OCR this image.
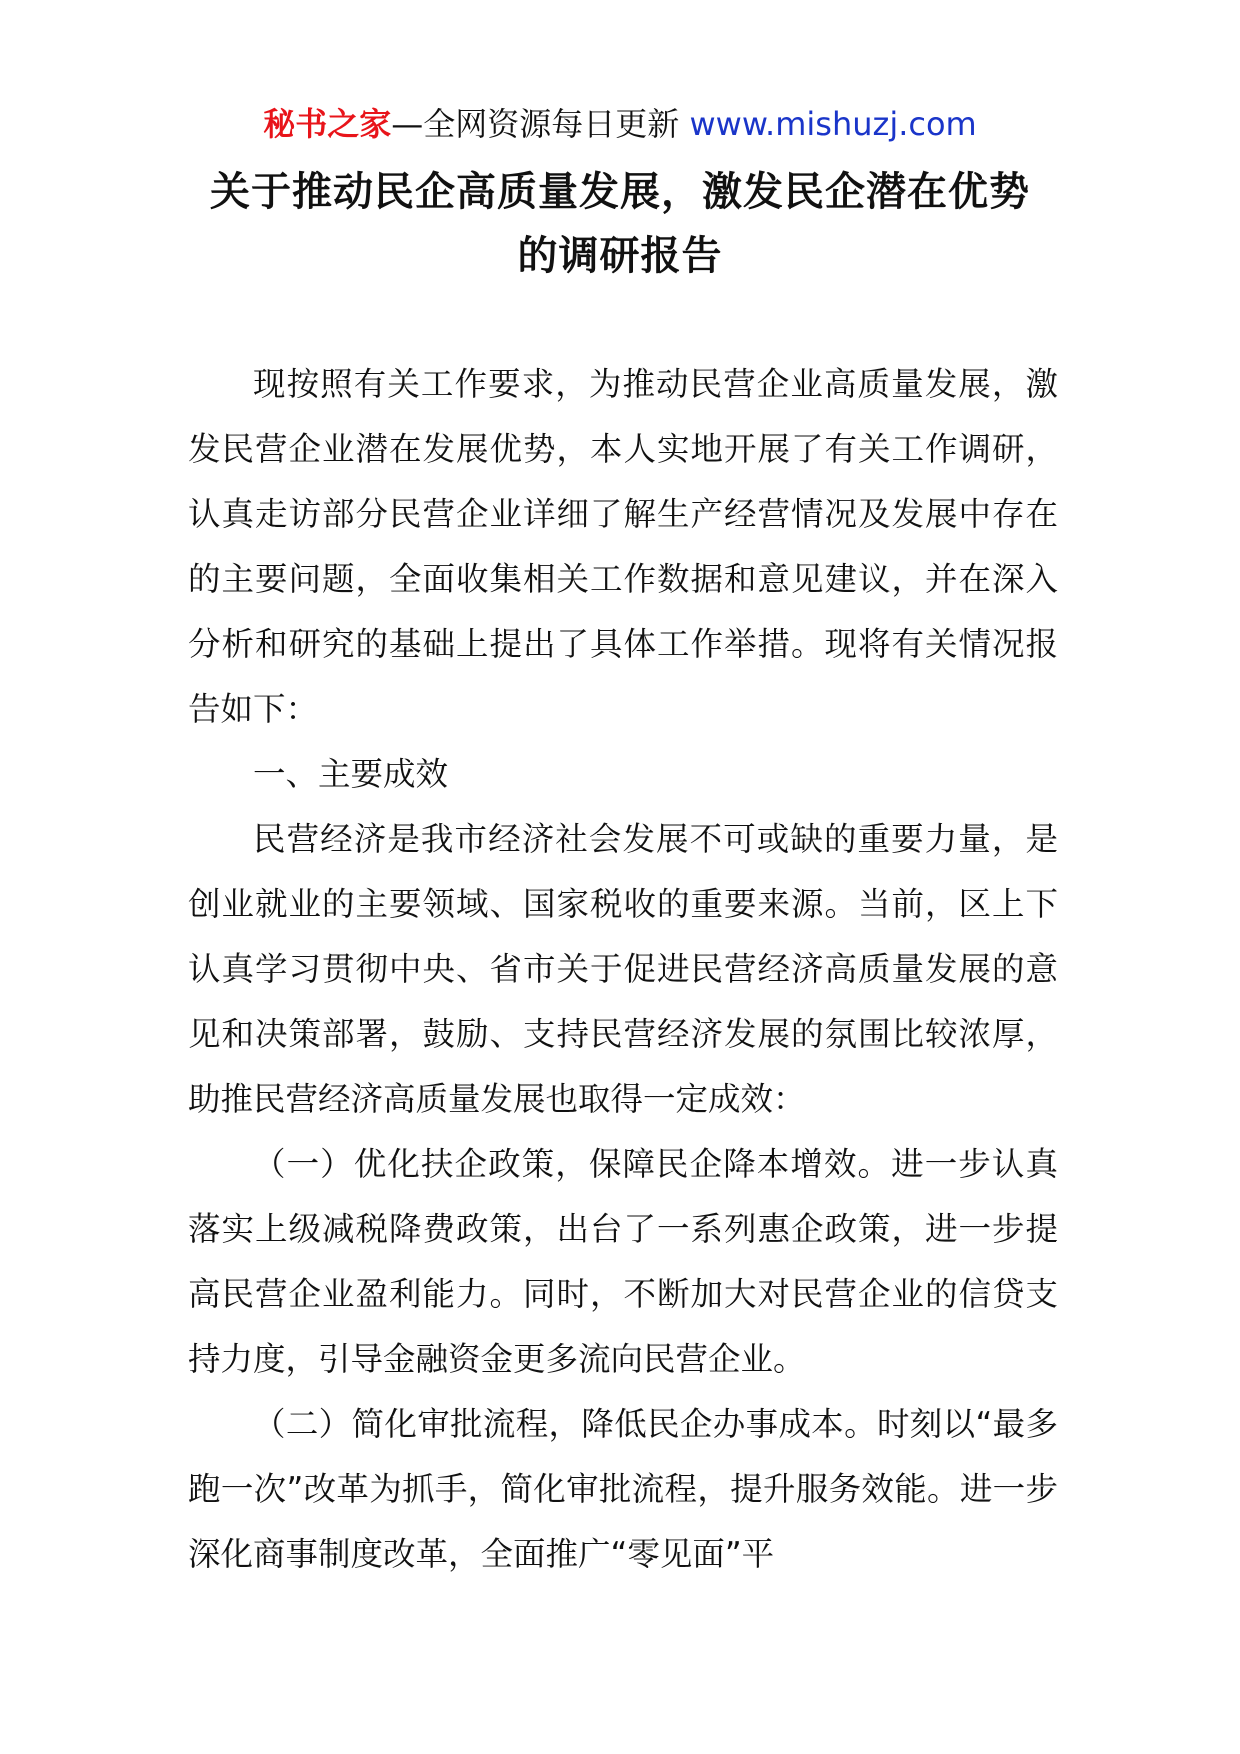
秘书之家—全网资源每日更新 www.mishuzj.com
关于推动民企高质量发展，激发民企潜在优势
的调研报告

现按照有关工作要求，为推动民营企业高质量发展，激发民营企业潜在发展优势，本人实地开展了有关工作调研，认真走访部分民营企业详细了解生产经营情况及发展中存在的主要问题，全面收集相关工作数据和意见建议，并在深入分析和研究的基础上提出了具体工作举措。现将有关情况报告如下：

一、主要成效

民营经济是我市经济社会发展不可或缺的重要力量，是创业就业的主要领域、国家税收的重要来源。当前，区上下认真学习贯彻中央、省市关于促进民营经济高质量发展的意见和决策部署，鼓励、支持民营经济发展的氛围比较浓厚，助推民营经济高质量发展也取得一定成效：

（一）优化扶企政策，保障民企降本增效。进一步认真落实上级减税降费政策，出台了一系列惠企政策，进一步提高民营企业盈利能力。同时，不断加大对民营企业的信贷支持力度，引导金融资金更多流向民营企业。

（二）简化审批流程，降低民企办事成本。时刻以“最多跑一次”改革为抓手，简化审批流程，提升服务效能。进一步深化商事制度改革，全面推广“零见面”平
